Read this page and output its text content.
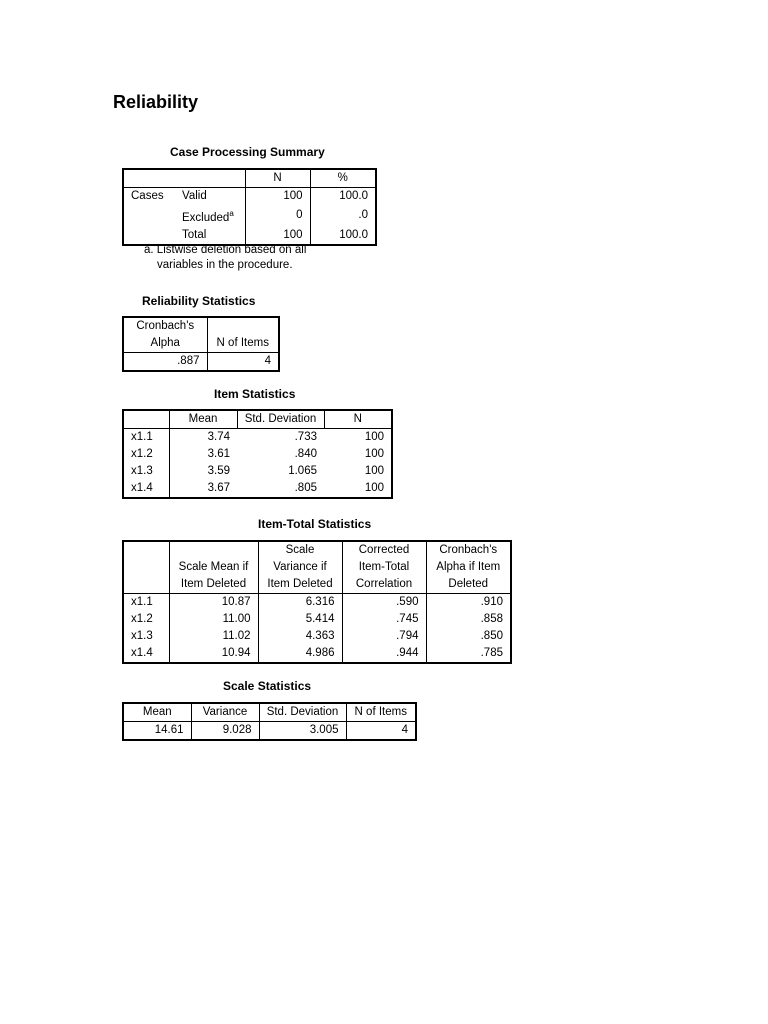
Reliability
Case Processing Summary
		N	%
Cases	Valid	100	100.0
	Excluded$^a$	0	.0
	Total	100	100.0
a. Listwise deletion based on all
variables in the procedure.
Reliability Statistics
Cronbach's	
Alpha	N of Items
.887	4
Item Statistics
	Mean	Std. Deviation	N
x1.1	3.74	.733	100
x1.2	3.61	.840	100
x1.3	3.59	1.065	100
x1.4	3.67	.805	100
Item-Total Statistics
		Scale	Corrected	Cronbach's
	Scale Mean if	Variance if	Item-Total	Alpha if Item
	Item Deleted	Item Deleted	Correlation	Deleted
x1.1	10.87	6.316	.590	.910
x1.2	11.00	5.414	.745	.858
x1.3	11.02	4.363	.794	.850
x1.4	10.94	4.986	.944	.785
Scale Statistics
Mean	Variance	Std. Deviation	N of Items
14.61	9.028	3.005	4
